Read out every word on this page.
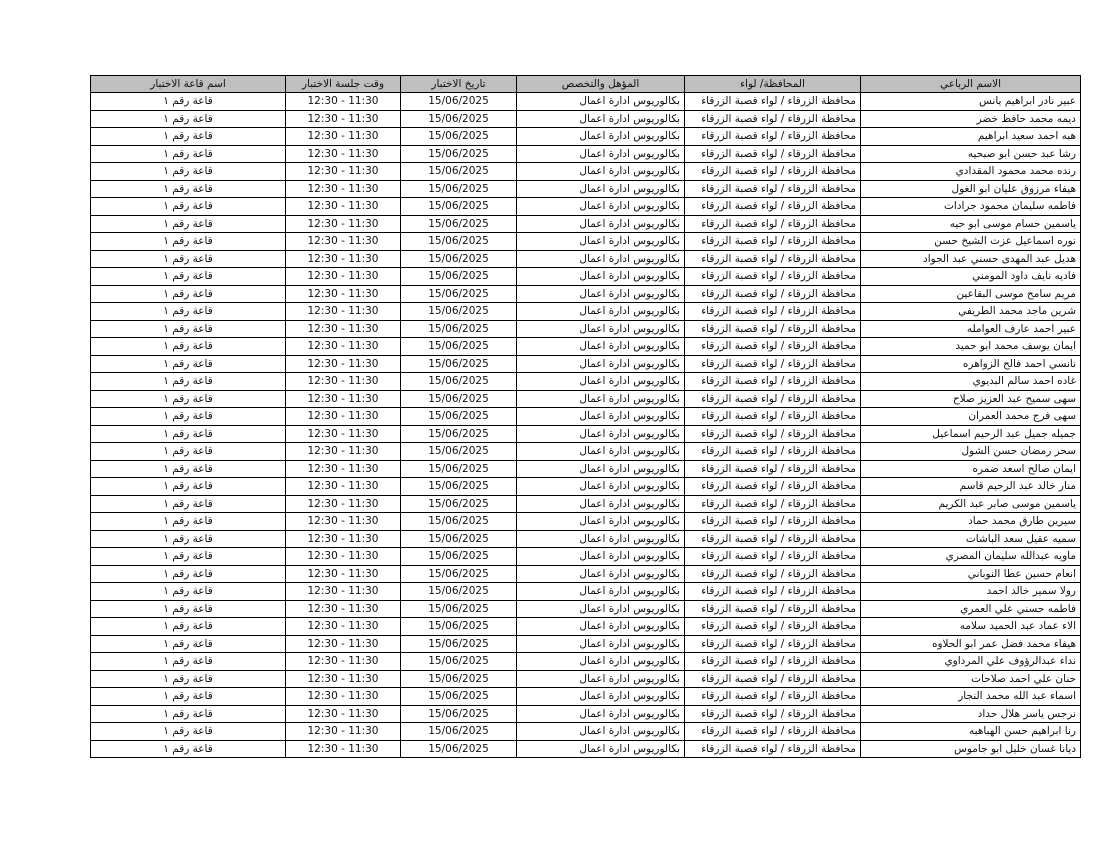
الاسم الرباعي	المحافظة/ لواء	المؤهل والتخصص	تاريخ الاختبار	وقت جلسة الاختبار	اسم قاعة الاختبار
عبير نادر ابراهيم يانس	محافظة الزرقاء / لواء قصبة الزرقاء	بكالوريوس ادارة اعمال	15/06/2025	12:30 - 11:30	قاعة رقم ١
ديمه محمد حافظ خضر	محافظة الزرقاء / لواء قصبة الزرقاء	بكالوريوس ادارة اعمال	15/06/2025	12:30 - 11:30	قاعة رقم ١
هبه احمد سعيد ابراهيم	محافظة الزرقاء / لواء قصبة الزرقاء	بكالوريوس ادارة اعمال	15/06/2025	12:30 - 11:30	قاعة رقم ١
رشا عبد حسن ابو صبحيه	محافظة الزرقاء / لواء قصبة الزرقاء	بكالوريوس ادارة اعمال	15/06/2025	12:30 - 11:30	قاعة رقم ١
رنده محمد محمود المقدادي	محافظة الزرقاء / لواء قصبة الزرقاء	بكالوريوس ادارة اعمال	15/06/2025	12:30 - 11:30	قاعة رقم ١
هيفاء مرزوق عليان ابو الغول	محافظة الزرقاء / لواء قصبة الزرقاء	بكالوريوس ادارة اعمال	15/06/2025	12:30 - 11:30	قاعة رقم ١
فاطمه سليمان محمود جرادات	محافظة الزرقاء / لواء قصبة الزرقاء	بكالوريوس ادارة اعمال	15/06/2025	12:30 - 11:30	قاعة رقم ١
ياسمين حسام موسى ابو حيه	محافظة الزرقاء / لواء قصبة الزرقاء	بكالوريوس ادارة اعمال	15/06/2025	12:30 - 11:30	قاعة رقم ١
نوره اسماعيل عزت الشيخ حسن	محافظة الزرقاء / لواء قصبة الزرقاء	بكالوريوس ادارة اعمال	15/06/2025	12:30 - 11:30	قاعة رقم ١
هديل عبد المهدى حسني عبد الجواد	محافظة الزرقاء / لواء قصبة الزرقاء	بكالوريوس ادارة اعمال	15/06/2025	12:30 - 11:30	قاعة رقم ١
فاديه نايف داود المومني	محافظة الزرقاء / لواء قصبة الزرقاء	بكالوريوس ادارة اعمال	15/06/2025	12:30 - 11:30	قاعة رقم ١
مريم سامح موسى البقاعين	محافظة الزرقاء / لواء قصبة الزرقاء	بكالوريوس ادارة اعمال	15/06/2025	12:30 - 11:30	قاعة رقم ١
شرين ماجد محمد الطريفي	محافظة الزرقاء / لواء قصبة الزرقاء	بكالوريوس ادارة اعمال	15/06/2025	12:30 - 11:30	قاعة رقم ١
عبير احمد عارف العوامله	محافظة الزرقاء / لواء قصبة الزرقاء	بكالوريوس ادارة اعمال	15/06/2025	12:30 - 11:30	قاعة رقم ١
ايمان يوسف محمد ابو حميد	محافظة الزرقاء / لواء قصبة الزرقاء	بكالوريوس ادارة اعمال	15/06/2025	12:30 - 11:30	قاعة رقم ١
نانسي احمد فالح الزواهره	محافظة الزرقاء / لواء قصبة الزرقاء	بكالوريوس ادارة اعمال	15/06/2025	12:30 - 11:30	قاعة رقم ١
غاده احمد سالم البديوي	محافظة الزرقاء / لواء قصبة الزرقاء	بكالوريوس ادارة اعمال	15/06/2025	12:30 - 11:30	قاعة رقم ١
سهى سميح عبد العزيز صلاح	محافظة الزرقاء / لواء قصبة الزرقاء	بكالوريوس ادارة اعمال	15/06/2025	12:30 - 11:30	قاعة رقم ١
سهى فرج محمد العمران	محافظة الزرقاء / لواء قصبة الزرقاء	بكالوريوس ادارة اعمال	15/06/2025	12:30 - 11:30	قاعة رقم ١
جميله جميل عبد الرحيم اسماعيل	محافظة الزرقاء / لواء قصبة الزرقاء	بكالوريوس ادارة اعمال	15/06/2025	12:30 - 11:30	قاعة رقم ١
سحر رمضان حسن الشول	محافظة الزرقاء / لواء قصبة الزرقاء	بكالوريوس ادارة اعمال	15/06/2025	12:30 - 11:30	قاعة رقم ١
ايمان صالح اسعد ضمره	محافظة الزرقاء / لواء قصبة الزرقاء	بكالوريوس ادارة اعمال	15/06/2025	12:30 - 11:30	قاعة رقم ١
منار خالد عبد الرحيم قاسم	محافظة الزرقاء / لواء قصبة الزرقاء	بكالوريوس ادارة اعمال	15/06/2025	12:30 - 11:30	قاعة رقم ١
ياسمين موسى صابر عبد الكريم	محافظة الزرقاء / لواء قصبة الزرقاء	بكالوريوس ادارة اعمال	15/06/2025	12:30 - 11:30	قاعة رقم ١
سيرين طارق محمد حماد	محافظة الزرقاء / لواء قصبة الزرقاء	بكالوريوس ادارة اعمال	15/06/2025	12:30 - 11:30	قاعة رقم ١
سميه عقيل سعد الباشات	محافظة الزرقاء / لواء قصبة الزرقاء	بكالوريوس ادارة اعمال	15/06/2025	12:30 - 11:30	قاعة رقم ١
ماويه عبدالله سليمان المصري	محافظة الزرقاء / لواء قصبة الزرقاء	بكالوريوس ادارة اعمال	15/06/2025	12:30 - 11:30	قاعة رقم ١
انعام حسين عطا النوباني	محافظة الزرقاء / لواء قصبة الزرقاء	بكالوريوس ادارة اعمال	15/06/2025	12:30 - 11:30	قاعة رقم ١
رولا سمير خالد احمد	محافظة الزرقاء / لواء قصبة الزرقاء	بكالوريوس ادارة اعمال	15/06/2025	12:30 - 11:30	قاعة رقم ١
فاطمه حسني علي العمري	محافظة الزرقاء / لواء قصبة الزرقاء	بكالوريوس ادارة اعمال	15/06/2025	12:30 - 11:30	قاعة رقم ١
الاء عماد عبد الحميد سلامه	محافظة الزرقاء / لواء قصبة الزرقاء	بكالوريوس ادارة اعمال	15/06/2025	12:30 - 11:30	قاعة رقم ١
هيفاء محمد فضل عمر ابو الحلاوه	محافظة الزرقاء / لواء قصبة الزرقاء	بكالوريوس ادارة اعمال	15/06/2025	12:30 - 11:30	قاعة رقم ١
نداء عبدالرؤوف علي المرداوي	محافظة الزرقاء / لواء قصبة الزرقاء	بكالوريوس ادارة اعمال	15/06/2025	12:30 - 11:30	قاعة رقم ١
حنان علي احمد صلاحات	محافظة الزرقاء / لواء قصبة الزرقاء	بكالوريوس ادارة اعمال	15/06/2025	12:30 - 11:30	قاعة رقم ١
اسماء عبد الله محمد النجار	محافظة الزرقاء / لواء قصبة الزرقاء	بكالوريوس ادارة اعمال	15/06/2025	12:30 - 11:30	قاعة رقم ١
نرجس ياسر هلال حداد	محافظة الزرقاء / لواء قصبة الزرقاء	بكالوريوس ادارة اعمال	15/06/2025	12:30 - 11:30	قاعة رقم ١
رنا ابراهيم حسن الهباهبه	محافظة الزرقاء / لواء قصبة الزرقاء	بكالوريوس ادارة اعمال	15/06/2025	12:30 - 11:30	قاعة رقم ١
ديانا غسان خليل ابو جاموس	محافظة الزرقاء / لواء قصبة الزرقاء	بكالوريوس ادارة اعمال	15/06/2025	12:30 - 11:30	قاعة رقم ١
